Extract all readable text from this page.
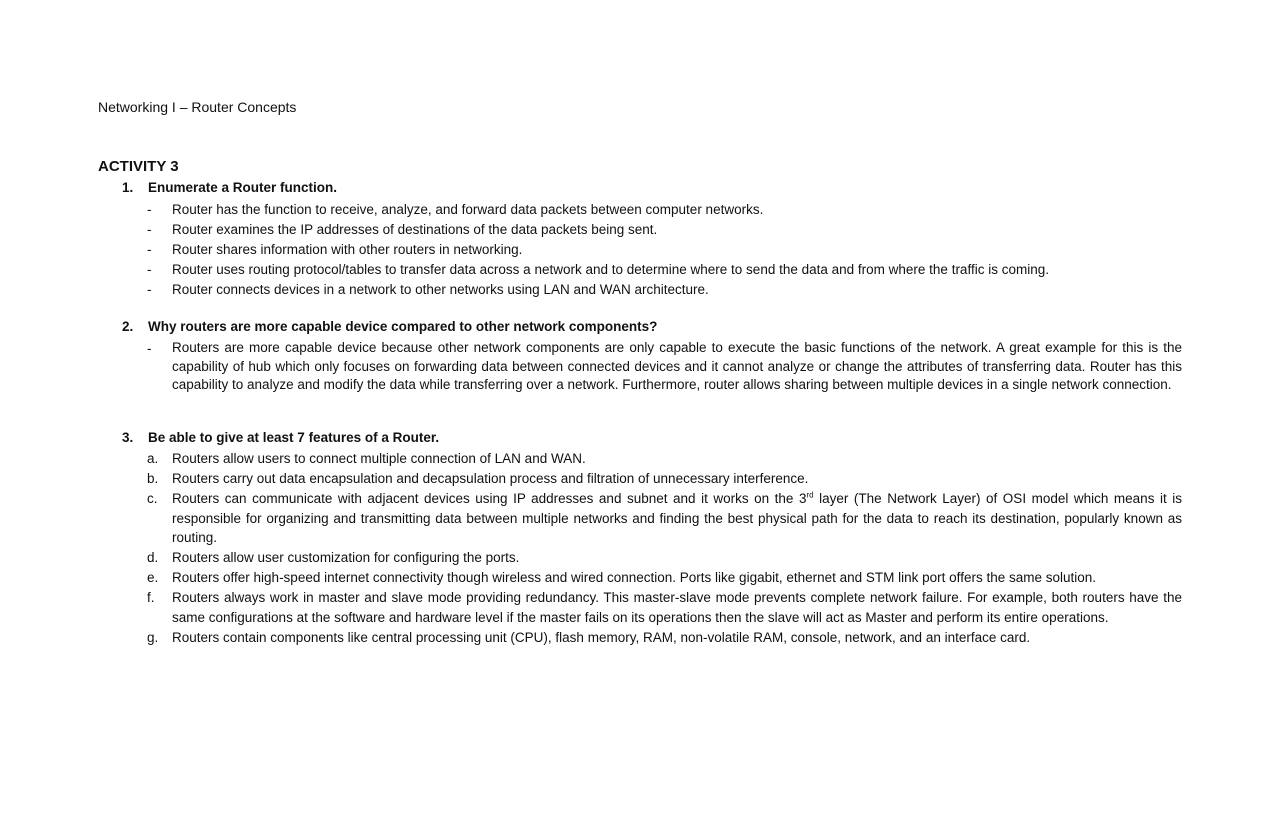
Networking I – Router Concepts
ACTIVITY 3
1. Enumerate a Router function.
- Router has the function to receive, analyze, and forward data packets between computer networks.
- Router examines the IP addresses of destinations of the data packets being sent.
- Router shares information with other routers in networking.
- Router uses routing protocol/tables to transfer data across a network and to determine where to send the data and from where the traffic is coming.
- Router connects devices in a network to other networks using LAN and WAN architecture.
2. Why routers are more capable device compared to other network components?
- Routers are more capable device because other network components are only capable to execute the basic functions of the network. A great example for this is the capability of hub which only focuses on forwarding data between connected devices and it cannot analyze or change the attributes of transferring data. Router has this capability to analyze and modify the data while transferring over a network. Furthermore, router allows sharing between multiple devices in a single network connection.
3. Be able to give at least 7 features of a Router.
a. Routers allow users to connect multiple connection of LAN and WAN.
b. Routers carry out data encapsulation and decapsulation process and filtration of unnecessary interference.
c. Routers can communicate with adjacent devices using IP addresses and subnet and it works on the 3rd layer (The Network Layer) of OSI model which means it is responsible for organizing and transmitting data between multiple networks and finding the best physical path for the data to reach its destination, popularly known as routing.
d. Routers allow user customization for configuring the ports.
e. Routers offer high-speed internet connectivity though wireless and wired connection. Ports like gigabit, ethernet and STM link port offers the same solution.
f. Routers always work in master and slave mode providing redundancy. This master-slave mode prevents complete network failure. For example, both routers have the same configurations at the software and hardware level if the master fails on its operations then the slave will act as Master and perform its entire operations.
g. Routers contain components like central processing unit (CPU), flash memory, RAM, non-volatile RAM, console, network, and an interface card.
